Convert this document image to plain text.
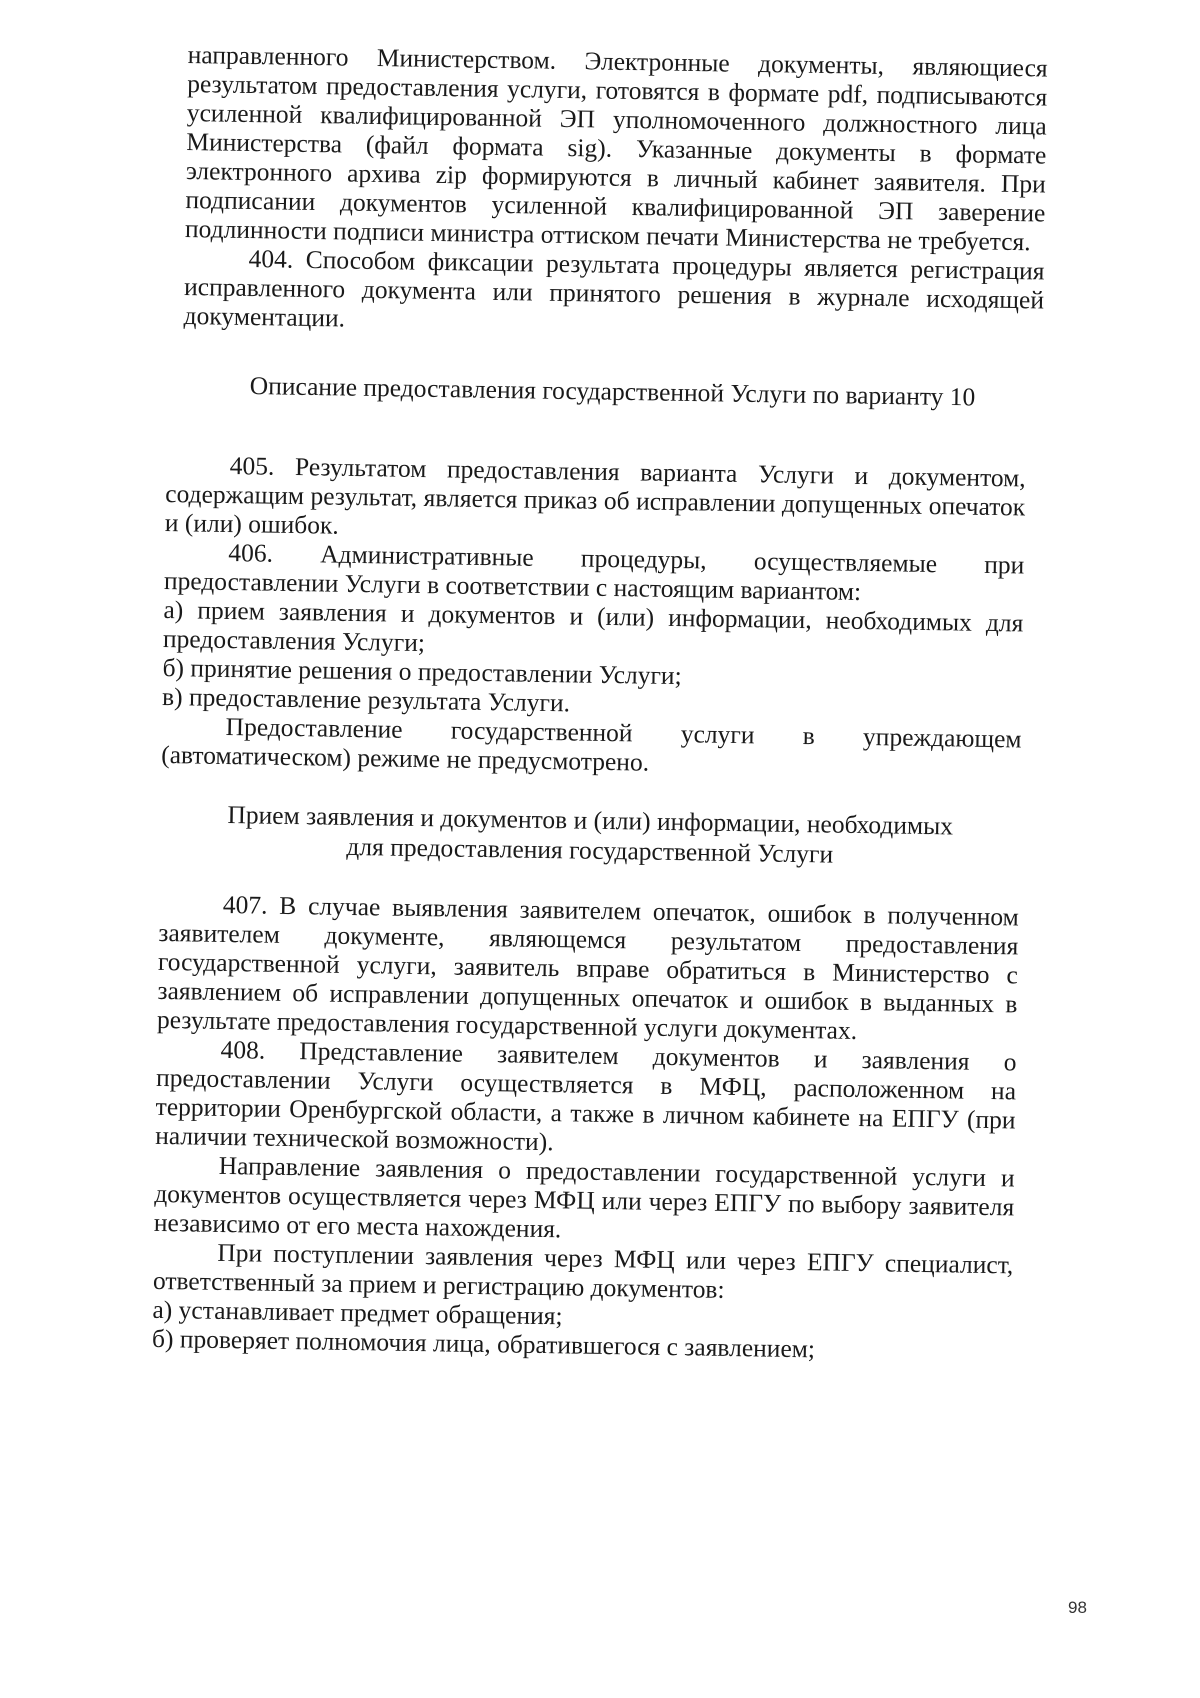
направленного Министерством. Электронные документы, являющиеся результатом предоставления услуги, готовятся в формате pdf, подписываются усиленной квалифицированной ЭП уполномоченного должностного лица Министерства (файл формата sig). Указанные документы в формате электронного архива zip формируются в личный кабинет заявителя. При подписании документов усиленной квалифицированной ЭП заверение подлинности подписи министра оттиском печати Министерства не требуется.

404. Способом фиксации результата процедуры является регистрация исправленного документа или принятого решения в журнале исходящей документации.

Описание предоставления государственной Услуги по варианту 10

405. Результатом предоставления варианта Услуги и документом, содержащим результат, является приказ об исправлении допущенных опечаток и (или) ошибок.

406. Административные процедуры, осуществляемые при предоставлении Услуги в соответствии с настоящим вариантом:

а) прием заявления и документов и (или) информации, необходимых для предоставления Услуги;

б) принятие решения о предоставлении Услуги;

в) предоставление результата Услуги.

Предоставление государственной услуги в упреждающем (автоматическом) режиме не предусмотрено.

Прием заявления и документов и (или) информации, необходимых

для предоставления государственной Услуги

407. В случае выявления заявителем опечаток, ошибок в полученном заявителем документе, являющемся результатом предоставления государственной услуги, заявитель вправе обратиться в Министерство с заявлением об исправлении допущенных опечаток и ошибок в выданных в результате предоставления государственной услуги документах.

408. Представление заявителем документов и заявления о предоставлении Услуги осуществляется в МФЦ, расположенном на территории Оренбургской области, а также в личном кабинете на ЕПГУ (при наличии технической возможности).

Направление заявления о предоставлении государственной услуги и документов осуществляется через МФЦ или через ЕПГУ по выбору заявителя независимо от его места нахождения.

При поступлении заявления через МФЦ или через ЕПГУ специалист, ответственный за прием и регистрацию документов:

а) устанавливает предмет обращения;

б) проверяет полномочия лица, обратившегося с заявлением;

98
